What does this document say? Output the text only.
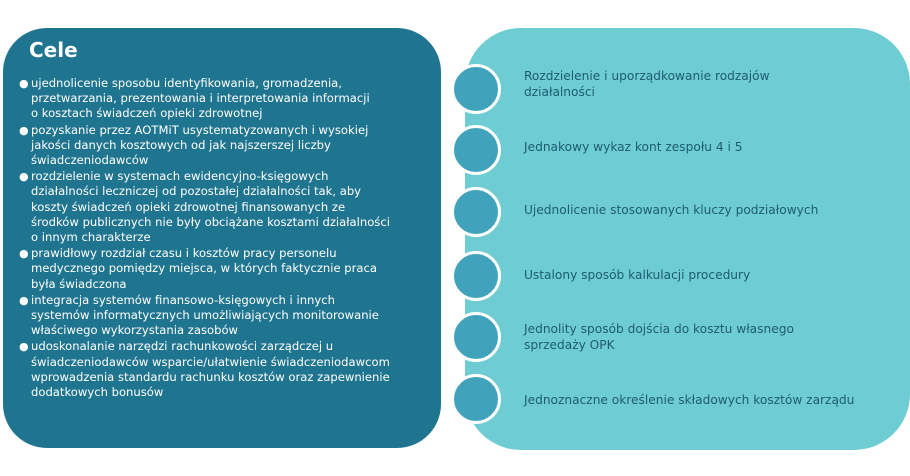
Cele
● ujednolicenie sposobu identyfikowania, gromadzenia,
przetwarzania, prezentowania i interpretowania informacji
o kosztach świadczeń opieki zdrowotnej
● pozyskanie przez AOTMiT usystematyzowanych i wysokiej
jakości danych kosztowych od jak najszerszej liczby
świadczeniodawców
● rozdzielenie w systemach ewidencyjno-księgowych
działalności leczniczej od pozostałej działalności tak, aby
koszty świadczeń opieki zdrowotnej finansowanych ze
środków publicznych nie były obciążane kosztami działalności
o innym charakterze
● prawidłowy rozdział czasu i kosztów pracy personelu
medycznego pomiędzy miejsca, w których faktycznie praca
była świadczona
● integracja systemów finansowo-księgowych i innych
systemów informatycznych umożliwiających monitorowanie
właściwego wykorzystania zasobów
● udoskonalanie narzędzi rachunkowości zarządczej u
świadczeniodawców wsparcie/ułatwienie świadczeniodawcom
wprowadzenia standardu rachunku kosztów oraz zapewnienie
dodatkowych bonusów
Rozdzielenie i uporządkowanie rodzajów
działalności
Jednakowy wykaz kont zespołu 4 i 5
Ujednolicenie stosowanych kluczy podziałowych
Ustalony sposób kalkulacji procedury
Jednolity sposób dojścia do kosztu własnego
sprzedaży OPK
Jednoznaczne określenie składowych kosztów zarządu
